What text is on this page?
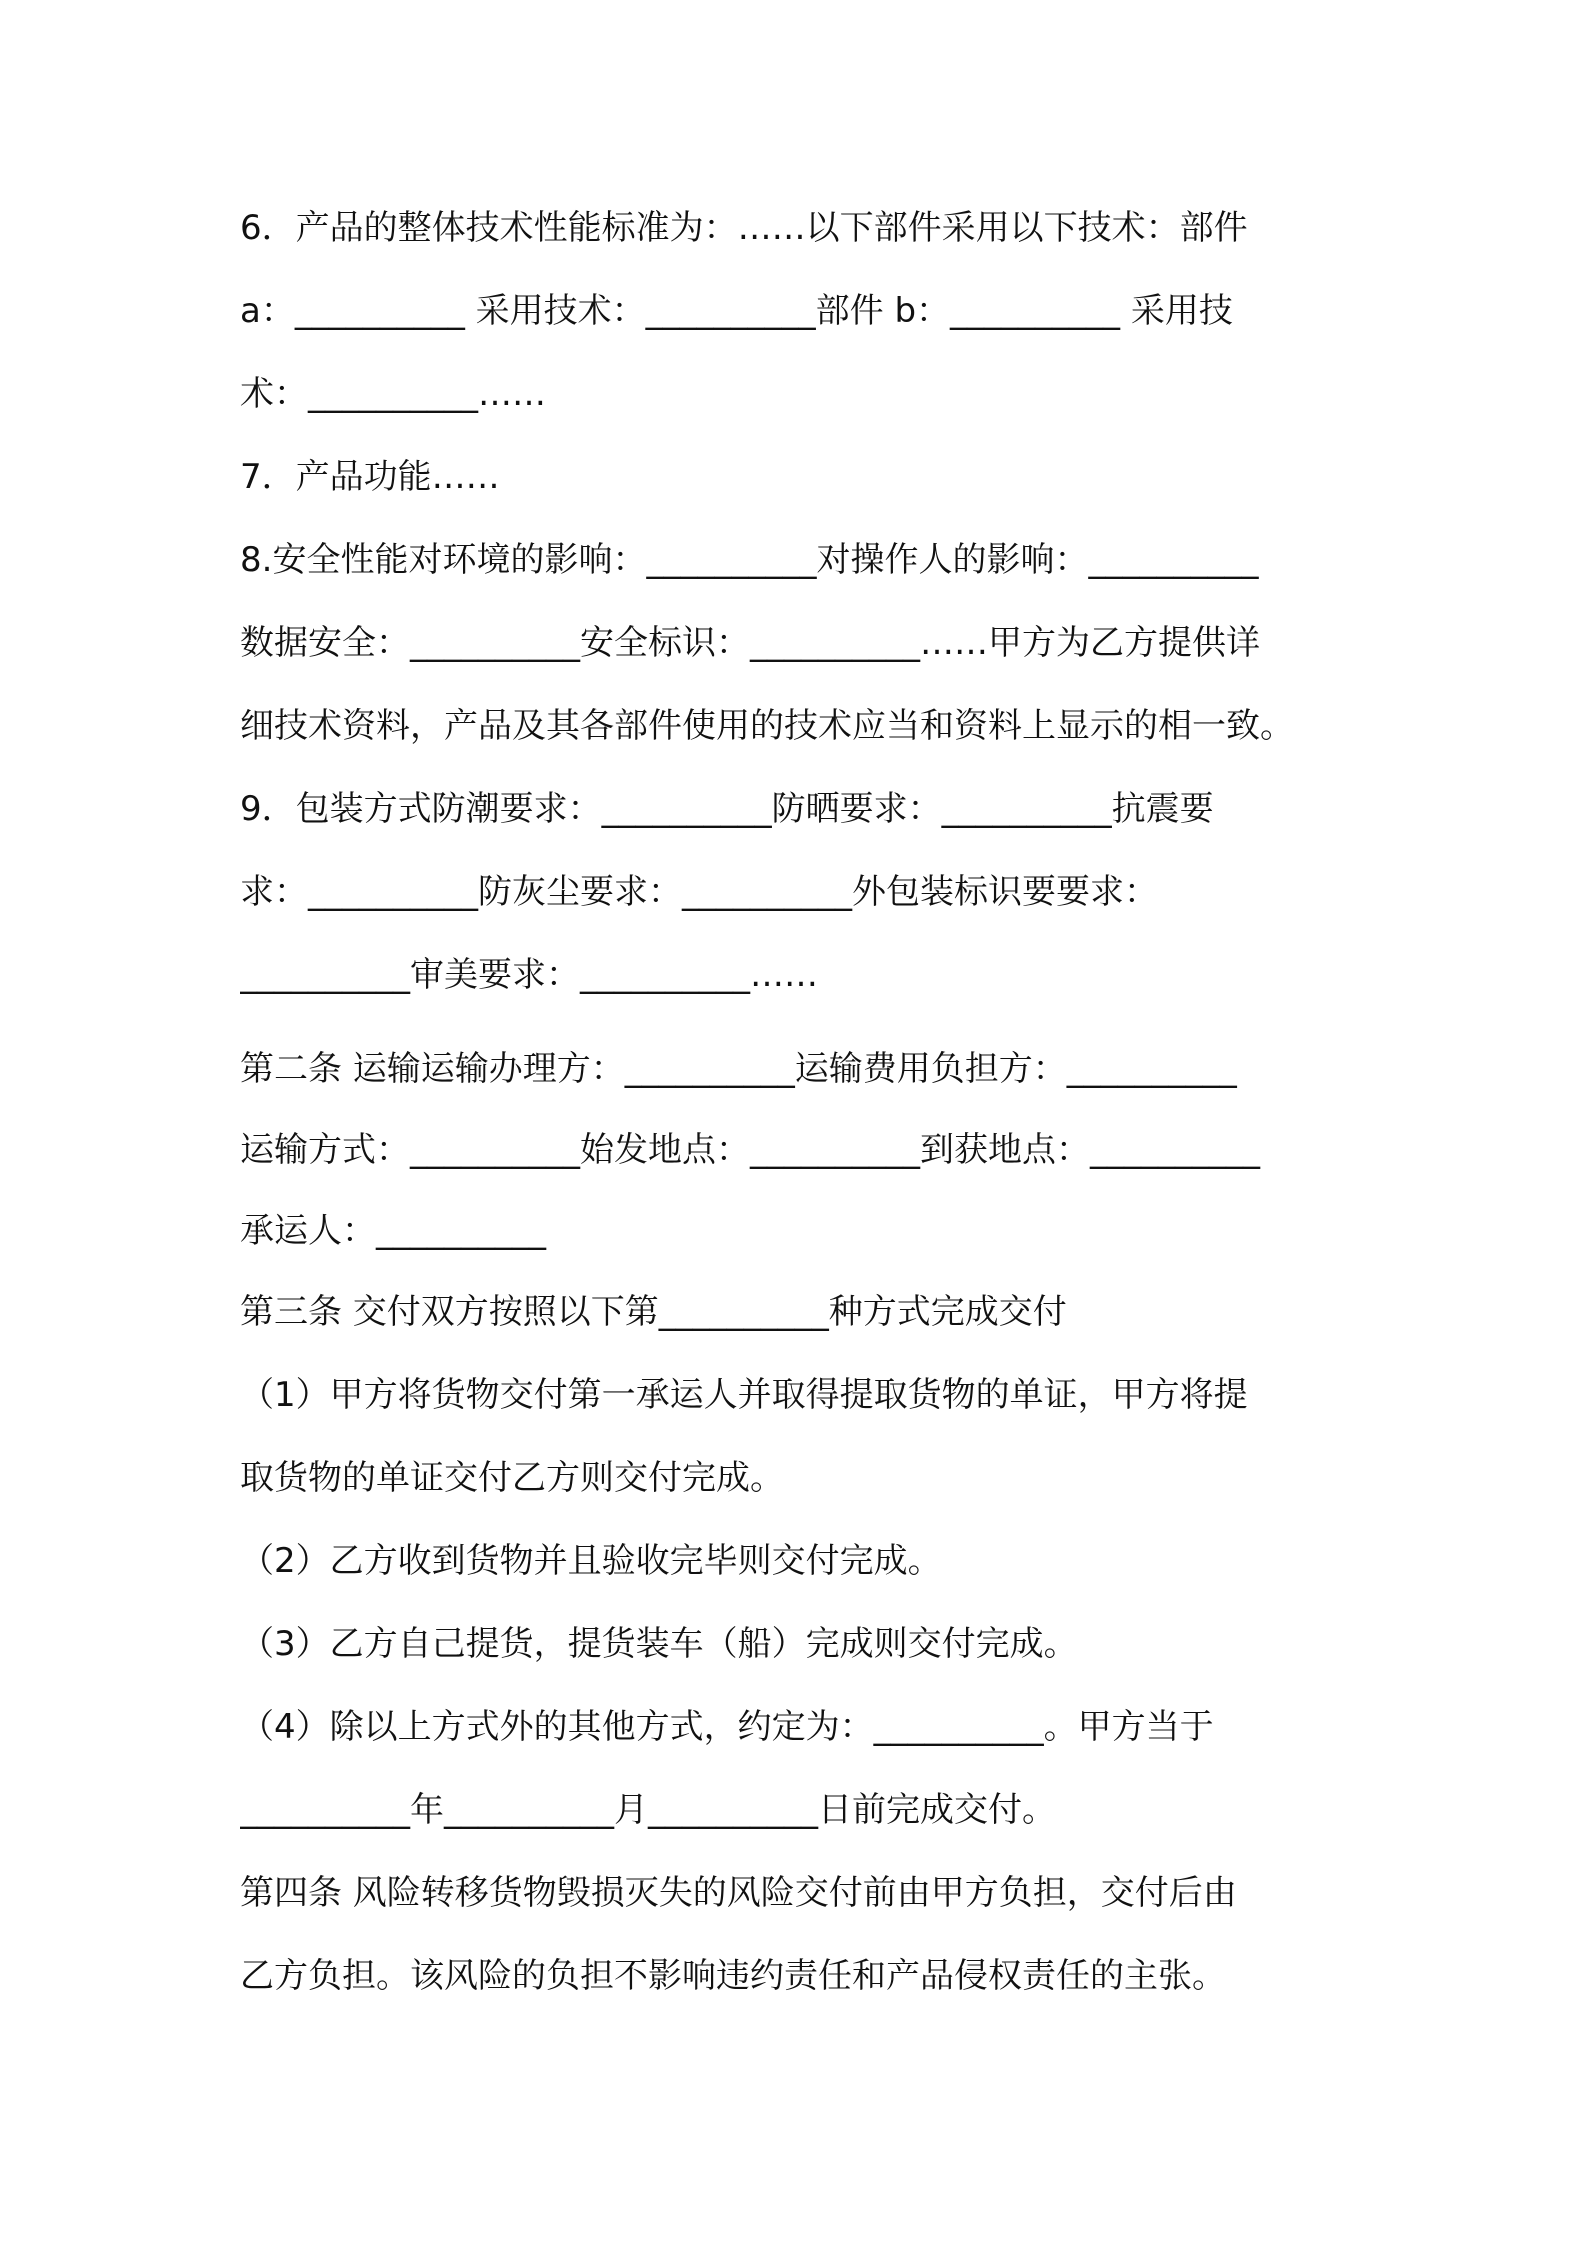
6．产品的整体技术性能标准为：……以下部件采用以下技术：部件
a：__________ 采用技术：__________部件 b：__________ 采用技
术：__________……
7．产品功能……
8.安全性能对环境的影响：__________对操作人的影响：__________
数据安全：__________安全标识：__________……甲方为乙方提供详
细技术资料，产品及其各部件使用的技术应当和资料上显示的相一致。
9．包装方式防潮要求：__________防晒要求：__________抗震要
求：__________防灰尘要求：__________外包装标识要要求：
__________审美要求：__________……
第二条 运输运输办理方：__________运输费用负担方：__________
运输方式：__________始发地点：__________到获地点：__________
承运人：__________
第三条 交付双方按照以下第__________种方式完成交付
（1）甲方将货物交付第一承运人并取得提取货物的单证，甲方将提
取货物的单证交付乙方则交付完成。
（2）乙方收到货物并且验收完毕则交付完成。
（3）乙方自己提货，提货装车（船）完成则交付完成。
（4）除以上方式外的其他方式，约定为：__________。甲方当于
__________年__________月__________日前完成交付。
第四条 风险转移货物毁损灭失的风险交付前由甲方负担，交付后由
乙方负担。该风险的负担不影响违约责任和产品侵权责任的主张。
